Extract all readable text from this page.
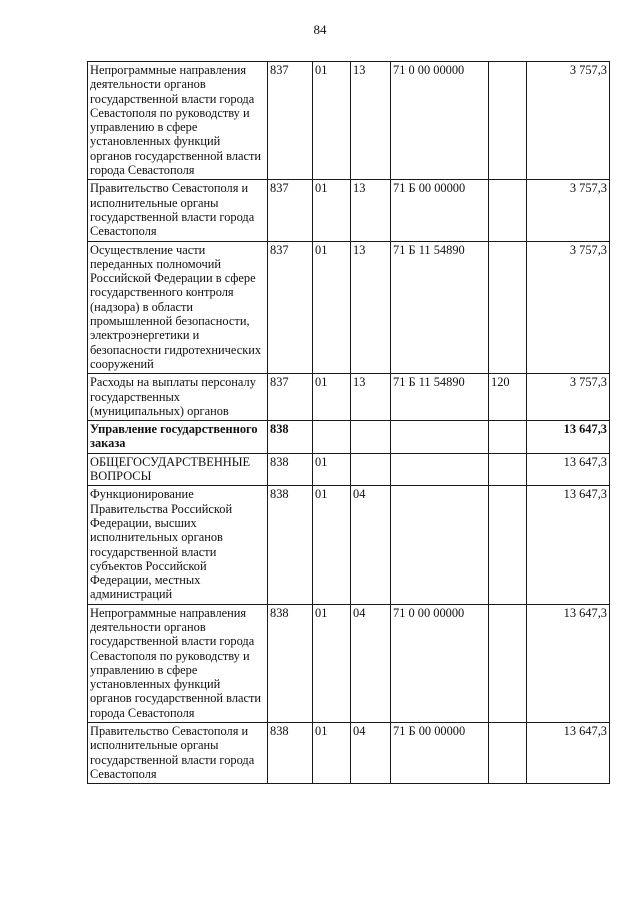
84
Непрограммные направления деятельности органов государственной власти города Севастополя по руководству и управлению в сфере установленных функций органов государственной власти города Севастополя	837	01	13	71 0 00 00000		3 757,3
Правительство Севастополя и исполнительные органы государственной власти города Севастополя	837	01	13	71 Б 00 00000		3 757,3
Осуществление части переданных полномочий Российской Федерации в сфере государственного контроля (надзора) в области промышленной безопасности, электроэнергетики и безопасности гидротехнических сооружений	837	01	13	71 Б 11 54890		3 757,3
Расходы на выплаты персоналу государственных (муниципальных) органов	837	01	13	71 Б 11 54890	120	3 757,3
Управление государственного заказа	838					13 647,3
ОБЩЕГОСУДАРСТВЕННЫЕ ВОПРОСЫ	838	01				13 647,3
Функционирование Правительства Российской Федерации, высших исполнительных органов государственной власти субъектов Российской Федерации, местных администраций	838	01	04			13 647,3
Непрограммные направления деятельности органов государственной власти города Севастополя по руководству и управлению в сфере установленных функций органов государственной власти города Севастополя	838	01	04	71 0 00 00000		13 647,3
Правительство Севастополя и исполнительные органы государственной власти города Севастополя	838	01	04	71 Б 00 00000		13 647,3
